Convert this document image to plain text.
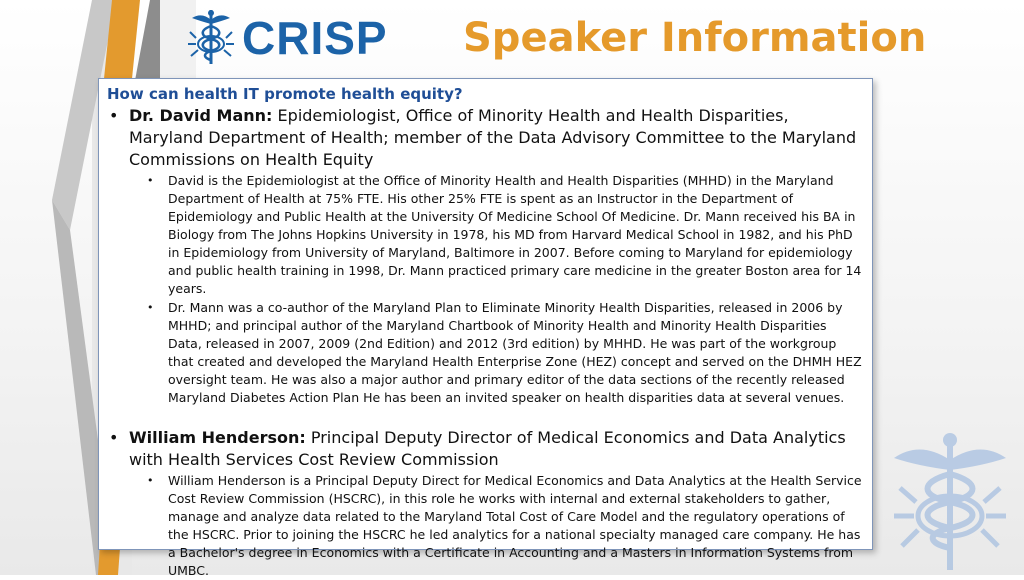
CRISP Speaker Information
How can health IT promote health equity?
• Dr. David Mann: Epidemiologist, Office of Minority Health and Health Disparities, Maryland Department of Health; member of the Data Advisory Committee to the Maryland Commissions on Health Equity
• David is the Epidemiologist at the Office of Minority Health and Health Disparities (MHHD) in the Maryland Department of Health at 75% FTE. His other 25% FTE is spent as an Instructor in the Department of Epidemiology and Public Health at the University Of Medicine School Of Medicine. Dr. Mann received his BA in Biology from The Johns Hopkins University in 1978, his MD from Harvard Medical School in 1982, and his PhD in Epidemiology from University of Maryland, Baltimore in 2007. Before coming to Maryland for epidemiology and public health training in 1998, Dr. Mann practiced primary care medicine in the greater Boston area for 14 years.
• Dr. Mann was a co-author of the Maryland Plan to Eliminate Minority Health Disparities, released in 2006 by MHHD; and principal author of the Maryland Chartbook of Minority Health and Minority Health Disparities Data, released in 2007, 2009 (2nd Edition) and 2012 (3rd edition) by MHHD. He was part of the workgroup that created and developed the Maryland Health Enterprise Zone (HEZ) concept and served on the DHMH HEZ oversight team. He was also a major author and primary editor of the data sections of the recently released Maryland Diabetes Action Plan He has been an invited speaker on health disparities data at several venues.
• William Henderson: Principal Deputy Director of Medical Economics and Data Analytics with Health Services Cost Review Commission
• William Henderson is a Principal Deputy Direct for Medical Economics and Data Analytics at the Health Service Cost Review Commission (HSCRC), in this role he works with internal and external stakeholders to gather, manage and analyze data related to the Maryland Total Cost of Care Model and the regulatory operations of the HSCRC. Prior to joining the HSCRC he led analytics for a national specialty managed care company. He has a Bachelor's degree in Economics with a Certificate in Accounting and a Masters in Information Systems from UMBC.
